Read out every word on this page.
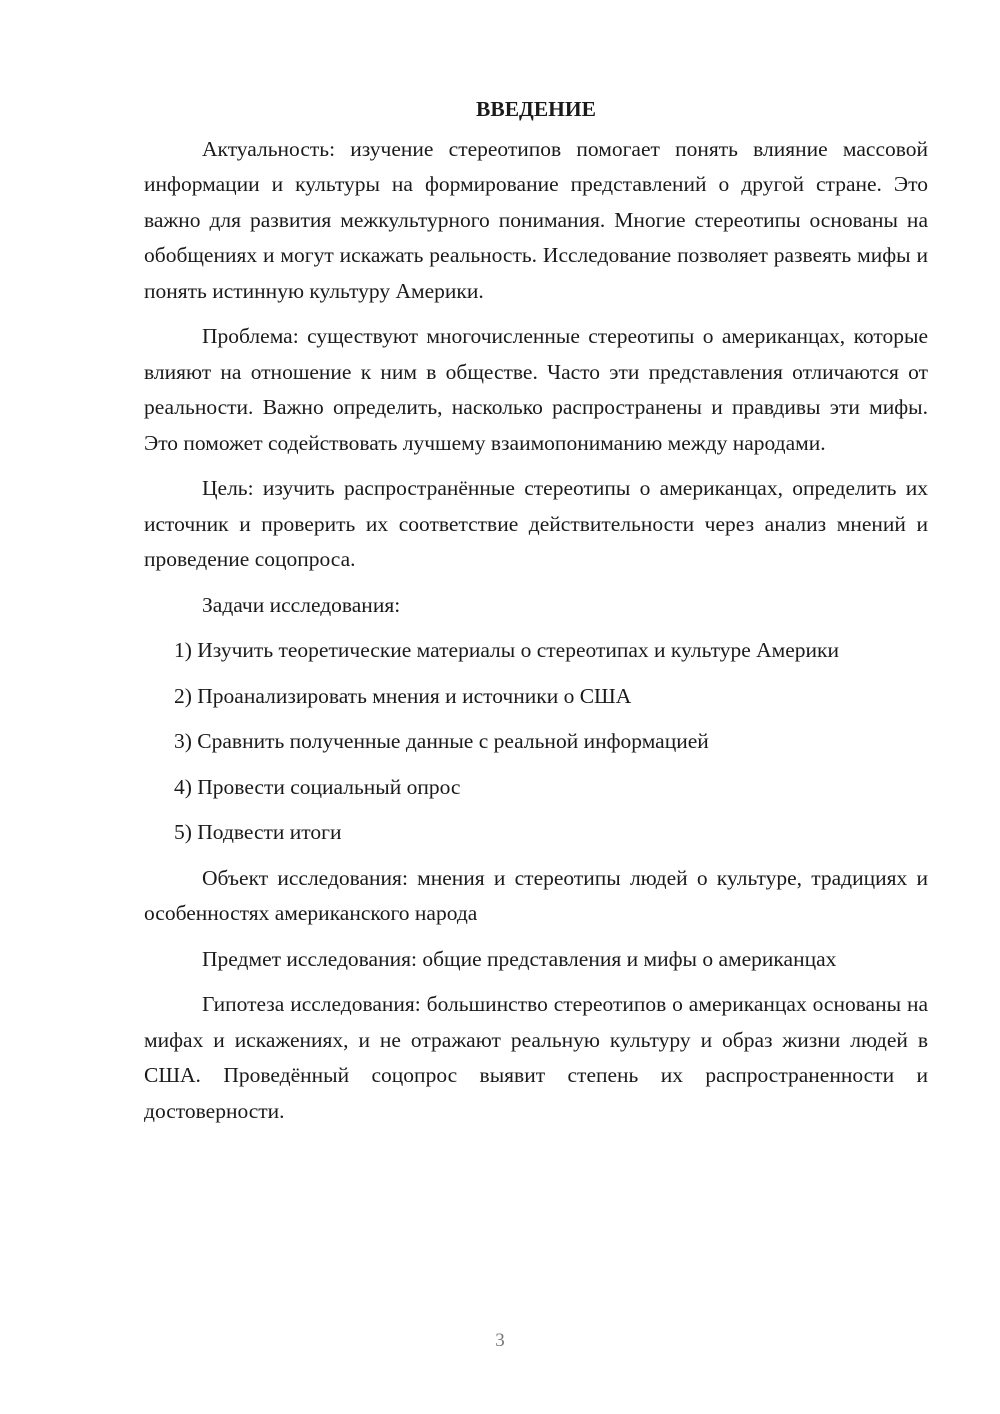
ВВЕДЕНИЕ

Актуальность: изучение стереотипов помогает понять влияние массовой информации и культуры на формирование представлений о другой стране. Это важно для развития межкультурного понимания. Многие стереотипы основаны на обобщениях и могут искажать реальность. Исследование позволяет развеять мифы и понять истинную культуру Америки.

Проблема: существуют многочисленные стереотипы о американцах, которые влияют на отношение к ним в обществе. Часто эти представления отличаются от реальности. Важно определить, насколько распространены и правдивы эти мифы. Это поможет содействовать лучшему взаимопониманию между народами.

Цель: изучить распространённые стереотипы о американцах, определить их источник и проверить их соответствие действительности через анализ мнений и проведение соцопроса.

Задачи исследования:

1) Изучить теоретические материалы о стереотипах и культуре Америки

2) Проанализировать мнения и источники о США
3) Сравнить полученные данные с реальной информацией
4) Провести социальный опрос
5) Подвести итоги

Объект исследования: мнения и стереотипы людей о культуре, традициях и особенностях американского народа

Предмет исследования: общие представления и мифы о американцах

Гипотеза исследования: большинство стереотипов о американцах основаны на мифах и искажениях, и не отражают реальную культуру и образ жизни людей в США. Проведённый соцопрос выявит степень их распространенности и достоверности.

3
